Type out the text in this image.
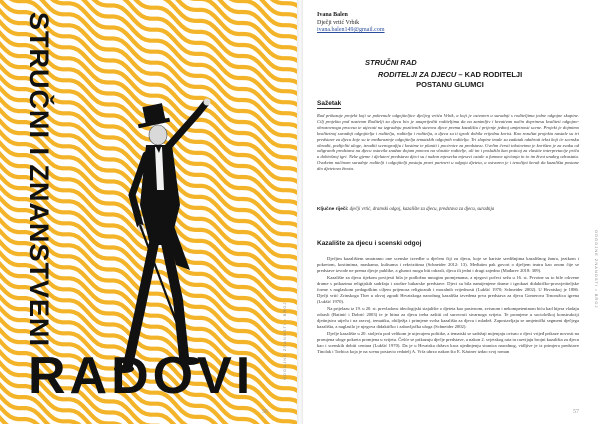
STRUČNI I ZNANSTVENI
RADOVI	ODGOJNE ZNANOSTI • BROJ
56
Ivana Balen
Dječji vrtić Vrbik
ivana.balen149@gmail.com
STRUČNI RAD
RODITELJI ZA DJECU – KAD RODITELJI POSTANU GLUMCI
Sažetak
Rad prikazuje projekt koji se pokrenule odgojiteljice dječjeg vrtića Vrbik, a koji je ostvaren u suradnji s roditeljima jedne odgojne skupine. Cilj projekta pod nazivom Roditelji za djecu bio je unaprijediti roditeljima da na zanimljiv i kreativan način doprinesu kvaliteti odgojno-obrazovnoga procesa te utjecati na izgradnju pozitivnih stavova djece prema kazalištu i prijenje jednoj umjetnosti scene. Projekt je dojmimo kvalitetnoj suradnji odgojitelja i roditelja, roditelja i roditelja, a djeca su ti igrali dobila vrijednu korist. Kao rezultat projekta nastale su tri predstave za djecu koje su te međurazinje odgojitelja tematskih odgojnih roditelja. Tri slapine imale su zadatak odabrati tekst koji će scensku obradit, podijeliti uloge, izraditi scenografiju i kostime te planiti i pocirnice za predstavu. Uvelim čvrsti tekstovima je korišten je za svaku od odigranih predstava na djecu ostavila snažan dojam ponova na vlastite roditelje, ali im i poslužila kao poticaj za vlastite interpretacije priča u dobiošnoj igri. Neke gjeme i djeluteri predstava djeci su i nakon mjesecka mjeseci ostale u fumone ujećanja in to im život unakrg odrastatu. Ovakvim načinom suradnje roditelji i odgojitelji postaju pravi partneri u odgoju djeteta, a ostvaren je i tenolijni kerak da kazališta postane dio djetetova života.
Ključne riječi: dječji vrtić, dramski odgoj, kazalište za djecu, predstava za djecu, suradnja
Kazalište za djecu i scenski odgoj

Dječjim kazalištem smatramo one scenske izvedbe u dječem čiji zu djecu, koje se kariste središnjima kazališnog žanra, jezikom i pokretom, kostimima, maskama, kulisama i rekvizitima (Schneider 2012: 13). Međutim pak govori o dječjem teatru kao onom čije se predstave izvode ne prema djecje publike, a glumci mogu biti odrasli, djeca ili jedni i drugi zajedno (Mađarev 2018: 309).

Kazalište za djecu tijekom povijesti bila je podložno mnogim promjenama, a njegovi počeci sežu u 16. st. Prvotne su to bile crkvene drame s prikazima religijskih sadržaja i zaoštre lutkarske predstave. Djeci su bila namijenjene drame i igrokazi didaktičko-prosvjetiteljske forme s naglaskom pedagoškim ciljem prijenosa religioznih i moralnih vrijednosti (Lukšić 1970; Schneider 2002). U Hrvatskoj je 1886. Dječji vrtić Zrinskoga Ther u okvoj zgradi Hrvatskoga narodnog kazališta izvedena prva predstava za djecu Gomerova Trnoružica igrena (Lukšić 1970).

Na prijelazu iz 19. u 20. st. prevladavu ideologijski stajalište o djeteta kao pasivnom, zvisnom i nekompetentnom biću kad hijera vladaju odrasli (Batinić i Dobrić 2003) te je bitna za djecu treba zaštiti od surovosti stvarnoga svijeta. Te promjene u sociološkoj konstrukciji djetinjstva utječu i na razvoj, tematiku, obilježja i primjene svrha kazališta za djecu i mladež. Zapostavljaju se umjetnički segment dječjega kazališta, a naglasilo je njegova didaktičko i zabavljačka uloga (Schneider 2002).

Dječje kazalište u 20. stoljeću pod velikom je utjecajem politike, a tematski se sadržaji mijenjaju ovisno o djeci vrijeđ prikaze novosti na promjena uloge pokreta promjena u svijetu. Češće se prikazuju dječje predstave, a nakon 2. svjetskog rata tu razvijaju brojni kazališta za djecu kao i scenskih dobiti centara (Lukšić 1970). Da je u Hrvatska država kroz ujedinjenju stranica narodnog, vidljive je iz primjera predstave Tinolak i Torbica koja je na scenu postavio redatelj A. Vrfa ubrzo nakon što E. Kästner izdao svoj roman

ODGOJNE ZNANOSTI • BROJ
57
